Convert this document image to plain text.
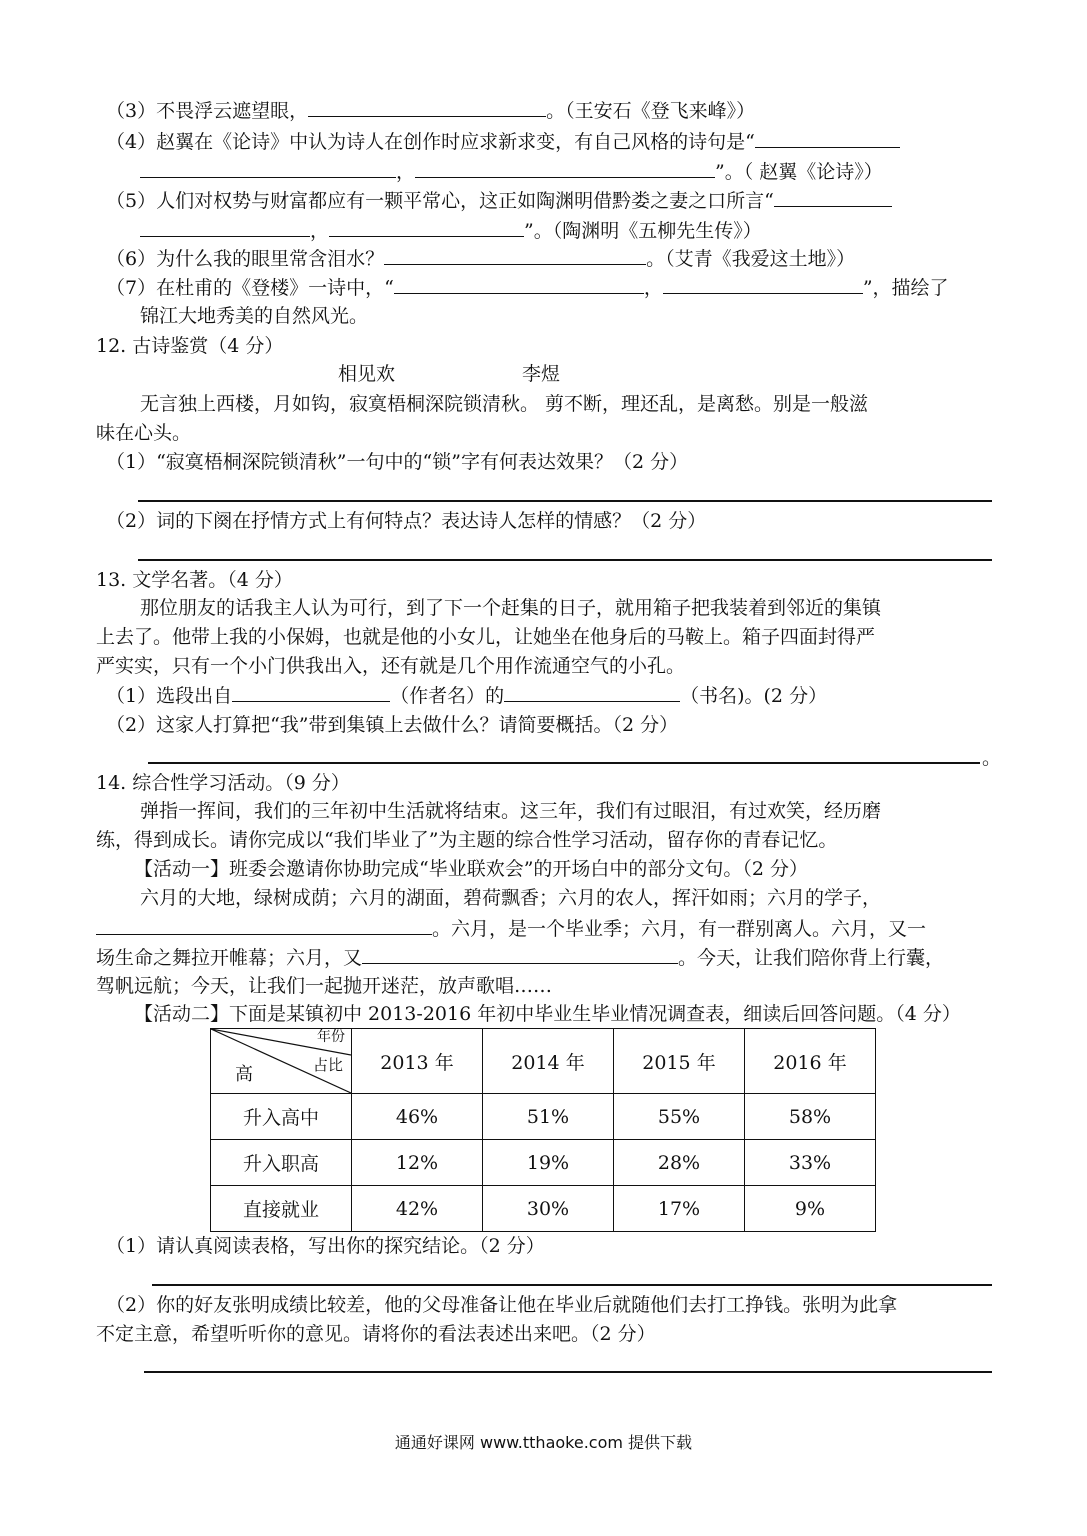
（3）不畏浮云遮望眼，	。（王安石《登飞来峰》）
（4）赵翼在《论诗》中认为诗人在创作时应求新求变，有自己风格的诗句是“
，	”。（ 赵翼《论诗》）
（5）人们对权势与财富都应有一颗平常心，这正如陶渊明借黔娄之妻之口所言“
，	”。（陶渊明《五柳先生传》）
（6）为什么我的眼里常含泪水？	。（艾青《我爱这土地》）
（7）在杜甫的《登楼》一诗中，“	，	”，描绘了
锦江大地秀美的自然风光。
12. 古诗鉴赏（4 分）
相见欢	李煜
无言独上西楼，月如钩，寂寞梧桐深院锁清秋。 剪不断，理还乱，是离愁。别是一般滋
味在心头。
（1）“寂寞梧桐深院锁清秋”一句中的“锁”字有何表达效果？（2 分）
（2）词的下阕在抒情方式上有何特点？表达诗人怎样的情感？（2 分）
13. 文学名著。（4 分）
那位朋友的话我主人认为可行，到了下一个赶集的日子，就用箱子把我装着到邻近的集镇
上去了。他带上我的小保姆，也就是他的小女儿，让她坐在他身后的马鞍上。箱子四面封得严
严实实，只有一个小门供我出入，还有就是几个用作流通空气的小孔。
（1）选段出自	（作者名）的	（书名)。(2 分）
（2）这家人打算把“我”带到集镇上去做什么？请简要概括。（2 分）
。
14. 综合性学习活动。（9 分）
弹指一挥间，我们的三年初中生活就将结束。这三年，我们有过眼泪，有过欢笑，经历磨
练，得到成长。请你完成以“我们毕业了”为主题的综合性学习活动，留存你的青春记忆。
【活动一】班委会邀请你协助完成“毕业联欢会”的开场白中的部分文句。（2 分）
六月的大地，绿树成荫；六月的湖面，碧荷飘香；六月的农人，挥汗如雨；六月的学子，
。六月，是一个毕业季；六月，有一群别离人。六月，又一
场生命之舞拉开帷幕；六月，又	。今天，让我们陪你背上行囊，
驾帆远航；今天，让我们一起抛开迷茫，放声歌唱……
【活动二】下面是某镇初中 2013-2016 年初中毕业生毕业情况调查表，细读后回答问题。（4 分）
年份
占比
高	2013 年	2014 年	2015 年	2016 年
升入高中	46%	51%	55%	58%
升入职高	12%	19%	28%	33%
直接就业	42%	30%	17%	9%
（1）请认真阅读表格，写出你的探究结论。（2 分）
（2）你的好友张明成绩比较差，他的父母准备让他在毕业后就随他们去打工挣钱。张明为此拿
不定主意，希望听听你的意见。请将你的看法表述出来吧。（2 分）
通通好课网 www.tthaoke.com 提供下载
